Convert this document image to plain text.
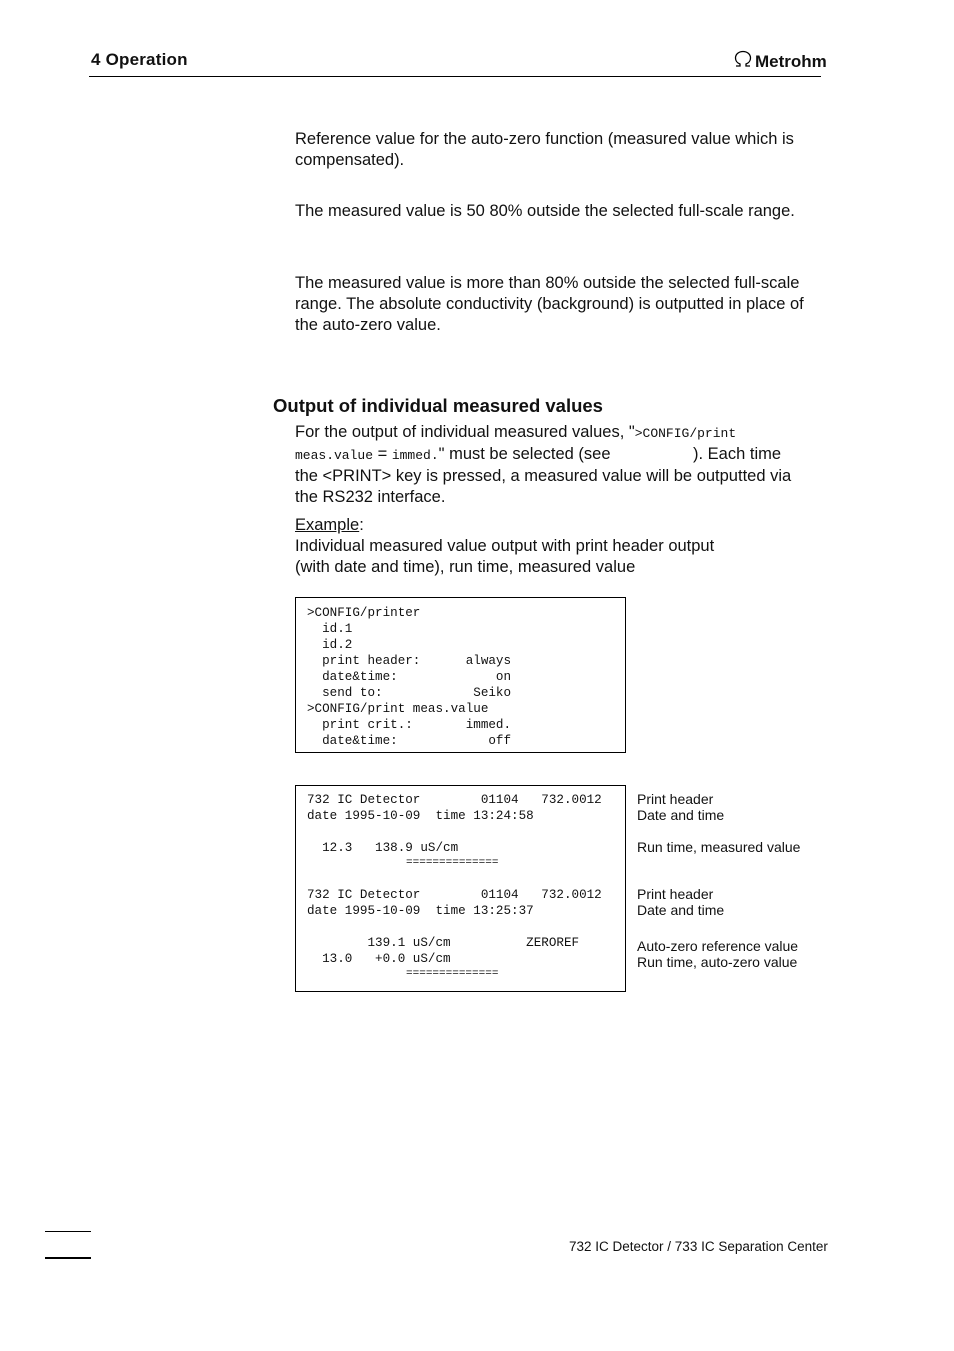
4 Operation	Metrohm
Reference value for the auto-zero function (measured value which is compensated).
The measured value is 50 80% outside the selected full-scale range.
The measured value is more than 80% outside the selected full-scale range. The absolute conductivity (background) is outputted in place of the auto-zero value.
Output of individual measured values
For the output of individual measured values, ">CONFIG/print meas.value = immed." must be selected (see                  ). Each time the <PRINT> key is pressed, a measured value will be outputted via the RS232 interface.
Example:
Individual measured value output with print header output
(with date and time), run time, measured value
>CONFIG/printer
id.1
id.2
print header:      always
date&time:             on
send to:            Seiko
>CONFIG/print meas.value
print crit.:       immed.
date&time:            off
732 IC Detector        01104   732.0012
date 1995-10-09  time 13:24:58

12.3   138.9 uS/cm
==============

732 IC Detector        01104   732.0012
date 1995-10-09  time 13:25:37

139.1 uS/cm          ZEROREF
13.0   +0.0 uS/cm
==============
Print header
Date and time
Run time, measured value
Print header
Date and time
Auto-zero reference value
Run time, auto-zero value
732 IC Detector / 733 IC Separation Center
